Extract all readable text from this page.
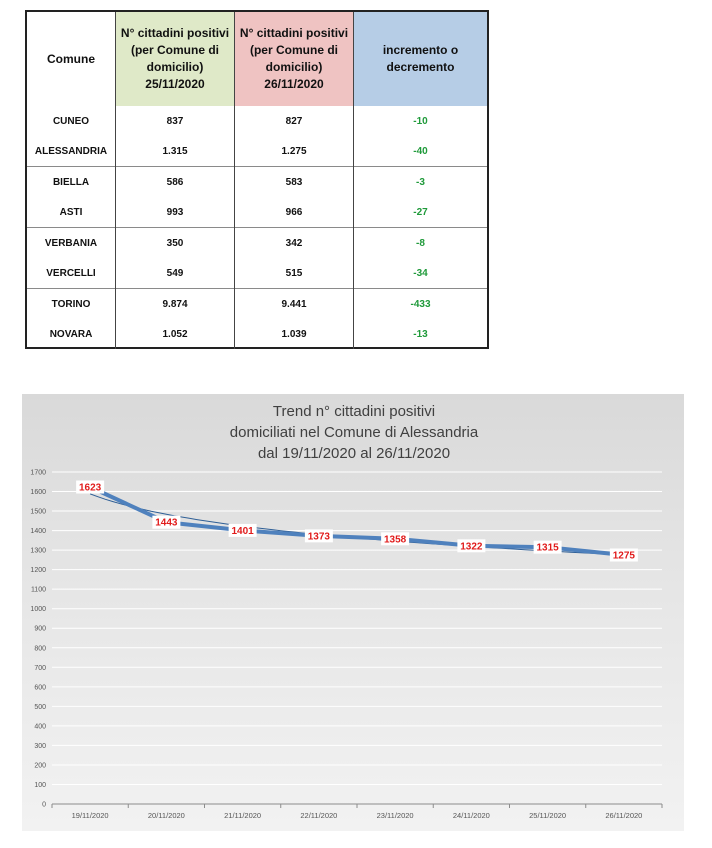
Comune	N° cittadini positivi (per Comune di domicilio) 25/11/2020	N° cittadini positivi (per Comune di domicilio) 26/11/2020	incremento o decremento
CUNEO	837	827	-10
ALESSANDRIA	1.315	1.275	-40
BIELLA	586	583	-3
ASTI	993	966	-27
VERBANIA	350	342	-8
VERCELLI	549	515	-34
TORINO	9.874	9.441	-433
NOVARA	1.052	1.039	-13
Trend n° cittadini positivi
domiciliati nel Comune di Alessandria
dal 19/11/2020 al 26/11/2020
0
100
200
300
400
500
600
700
800
900
1000
1100
1200
1300
1400
1500
1600
1700
19/11/2020	20/11/2020	21/11/2020	22/11/2020	23/11/2020	24/11/2020	25/11/2020	26/11/2020
1623
1443
1401	1373	1358
1322	1315
1275
